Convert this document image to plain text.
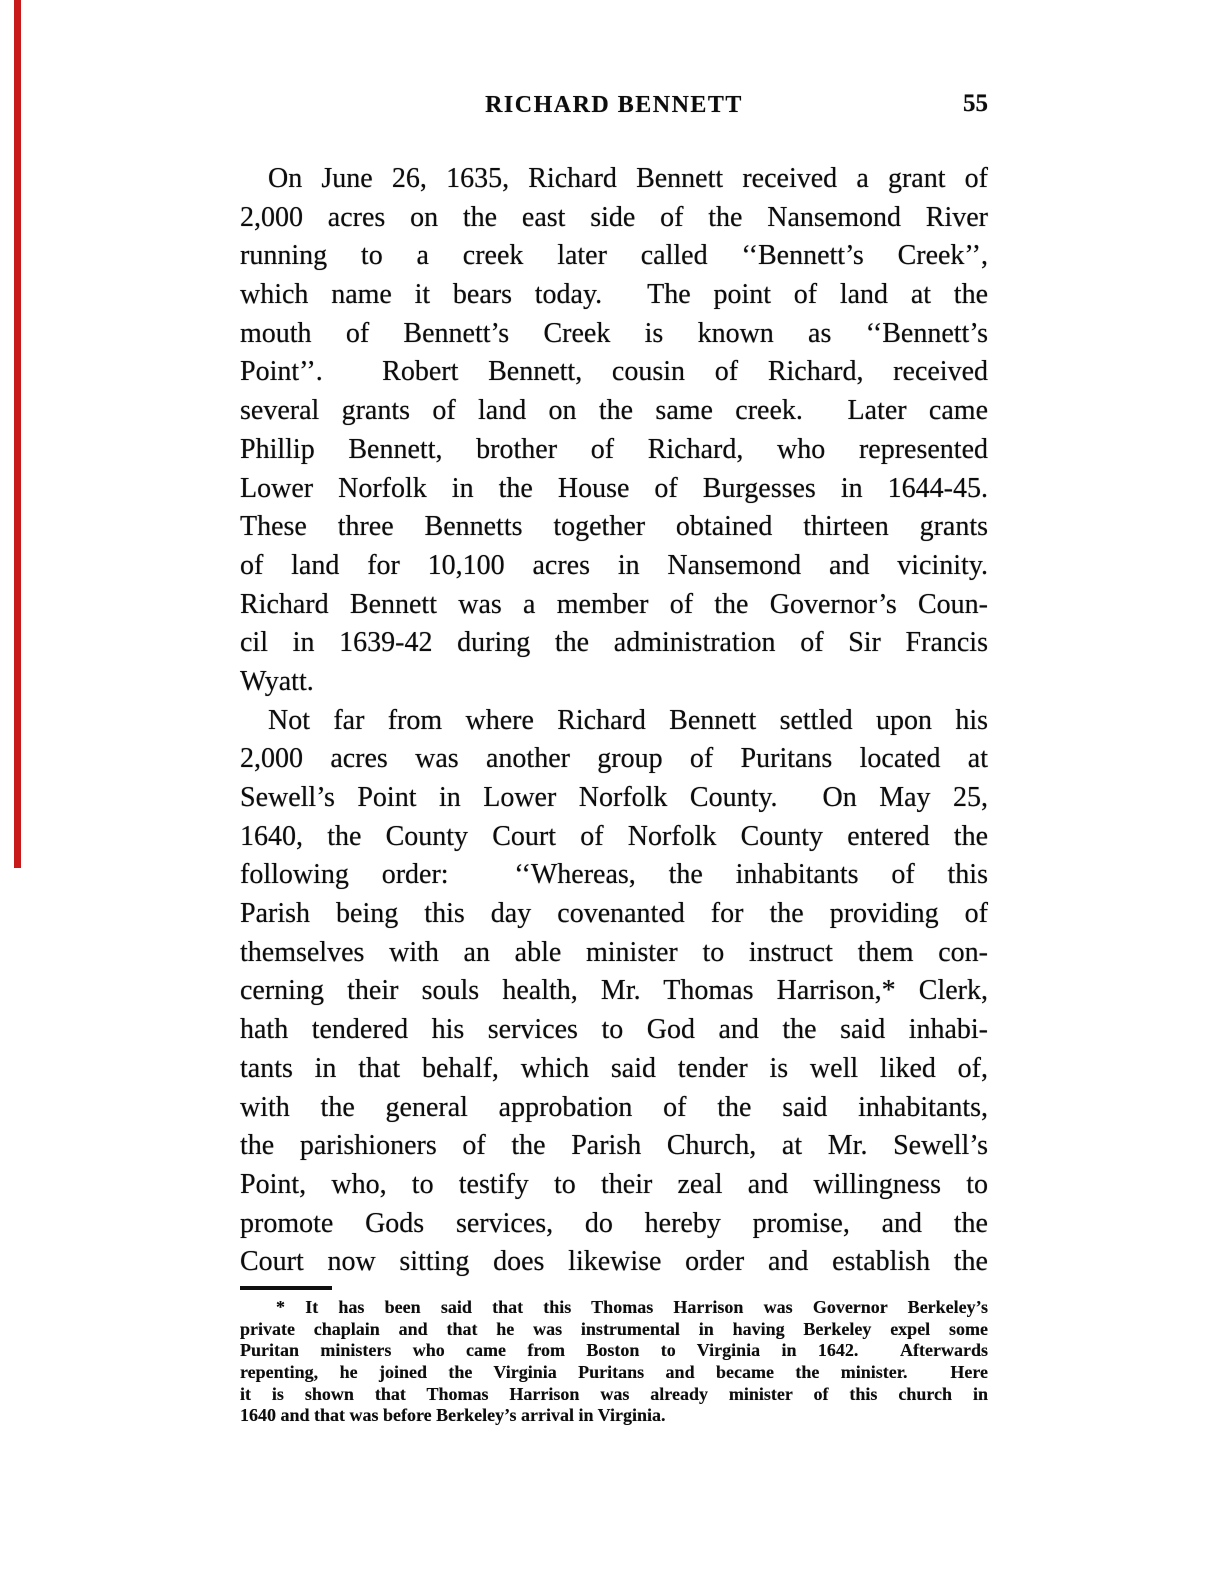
RICHARD BENNETT	55
On June 26, 1635, Richard Bennett received a grant of
2,000 acres on the east side of the Nansemond River
running to a creek later called ‘‘Bennett’s Creek’’,
which name it bears today.  The point of land at the
mouth of Bennett’s Creek is known as ‘‘Bennett’s
Point’’.  Robert Bennett, cousin of Richard, received
several grants of land on the same creek.  Later came
Phillip Bennett, brother of Richard, who represented
Lower Norfolk in the House of Burgesses in 1644-45.
These three Bennetts together obtained thirteen grants
of land for 10,100 acres in Nansemond and vicinity.
Richard Bennett was a member of the Governor’s Coun-
cil in 1639-42 during the administration of Sir Francis
Wyatt.
Not far from where Richard Bennett settled upon his
2,000 acres was another group of Puritans located at
Sewell’s Point in Lower Norfolk County.  On May 25,
1640, the County Court of Norfolk County entered the
following order:  ‘‘Whereas, the inhabitants of this
Parish being this day covenanted for the providing of
themselves with an able minister to instruct them con-
cerning their souls health, Mr. Thomas Harrison,* Clerk,
hath tendered his services to God and the said inhabi-
tants in that behalf, which said tender is well liked of,
with the general approbation of the said inhabitants,
the parishioners of the Parish Church, at Mr. Sewell’s
Point, who, to testify to their zeal and willingness to
promote Gods services, do hereby promise, and the
Court now sitting does likewise order and establish the
* It has been said that this Thomas Harrison was Governor Berkeley’s
private chaplain and that he was instrumental in having Berkeley expel some
Puritan ministers who came from Boston to Virginia in 1642.  Afterwards
repenting, he joined the Virginia Puritans and became the minister.  Here
it is shown that Thomas Harrison was already minister of this church in
1640 and that was before Berkeley’s arrival in Virginia.
